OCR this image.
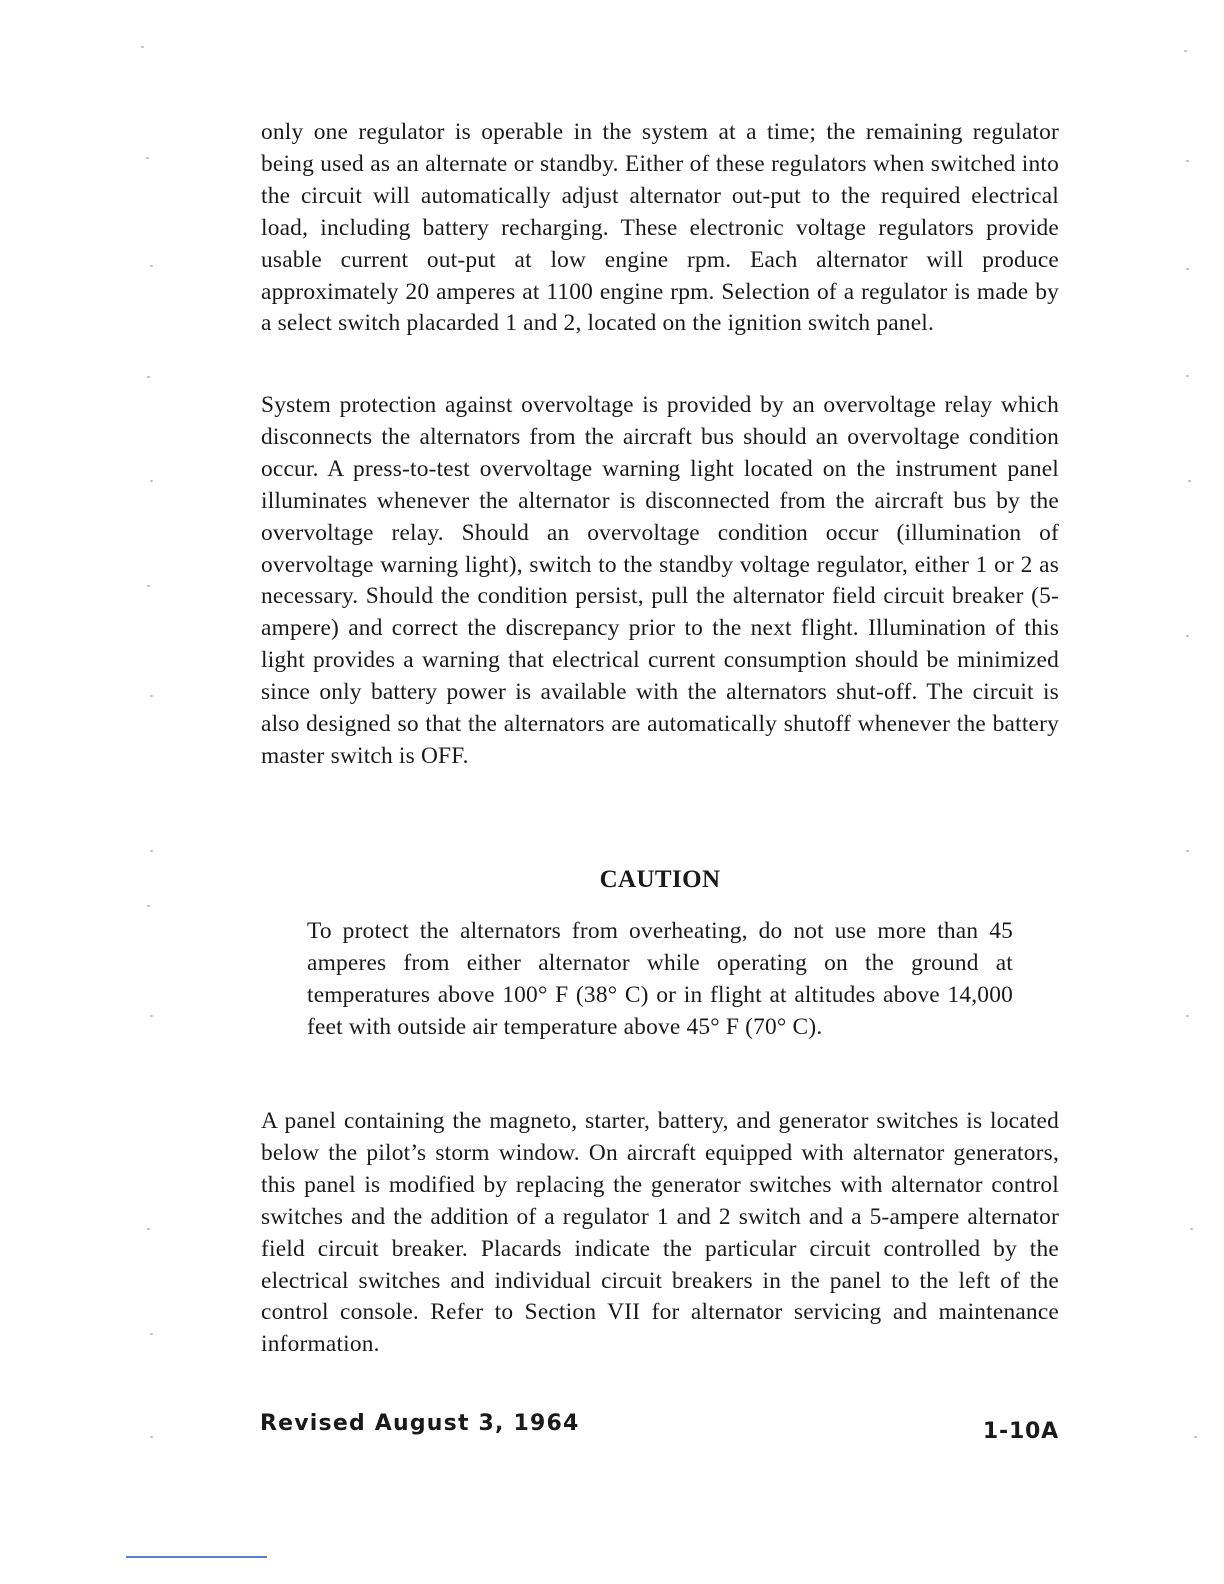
only one regulator is operable in the system at a time; the remaining regulator being used as an alternate or standby. Either of these regulators when switched into the circuit will automatically adjust alternator out-put to the required electrical load, including battery recharging. These electronic voltage regulators provide usable current out-put at low engine rpm. Each alternator will produce approximately 20 amperes at 1100 engine rpm. Selection of a regulator is made by a select switch placarded 1 and 2, located on the ignition switch panel.

System protection against overvoltage is provided by an overvoltage relay which disconnects the alternators from the aircraft bus should an overvoltage condition occur. A press-to-test overvoltage warning light located on the instrument panel illuminates whenever the alternator is disconnected from the aircraft bus by the overvoltage relay. Should an overvoltage condition occur (illumination of overvoltage warning light), switch to the standby voltage regulator, either 1 or 2 as necessary. Should the condition persist, pull the alternator field circuit breaker (5-ampere) and correct the discrepancy prior to the next flight. Illumination of this light provides a warning that electrical current consumption should be minimized since only battery power is available with the alternators shut-off. The circuit is also designed so that the alternators are automatically shutoff whenever the battery master switch is OFF.

CAUTION

To protect the alternators from overheating, do not use more than 45 amperes from either alternator while operating on the ground at temperatures above 100° F (38° C) or in flight at altitudes above 14,000 feet with outside air temperature above 45° F (70° C).

A panel containing the magneto, starter, battery, and generator switches is located below the pilot’s storm window. On aircraft equipped with alternator generators, this panel is modified by replacing the generator switches with alternator control switches and the addition of a regulator 1 and 2 switch and a 5-ampere alternator field circuit breaker. Placards indicate the particular circuit controlled by the electrical switches and individual circuit breakers in the panel to the left of the control console. Refer to Section VII for alternator servicing and maintenance information.

Revised August 3, 1964	1-10A
